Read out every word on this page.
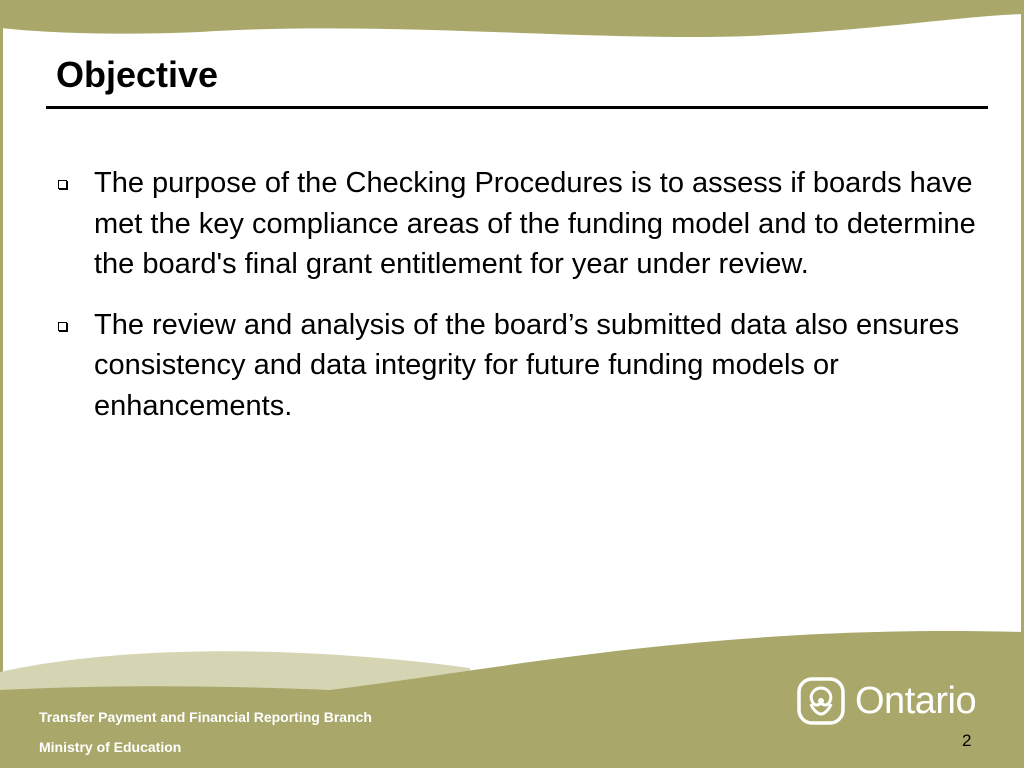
Objective
The purpose of the Checking Procedures is to assess if boards have met the key compliance areas of the funding model and to determine the board's final grant entitlement for year under review.
The review and analysis of the board’s submitted data also ensures consistency and data integrity for future funding models or enhancements.
Transfer Payment and Financial Reporting Branch
Ministry of Education
Ontario
2
